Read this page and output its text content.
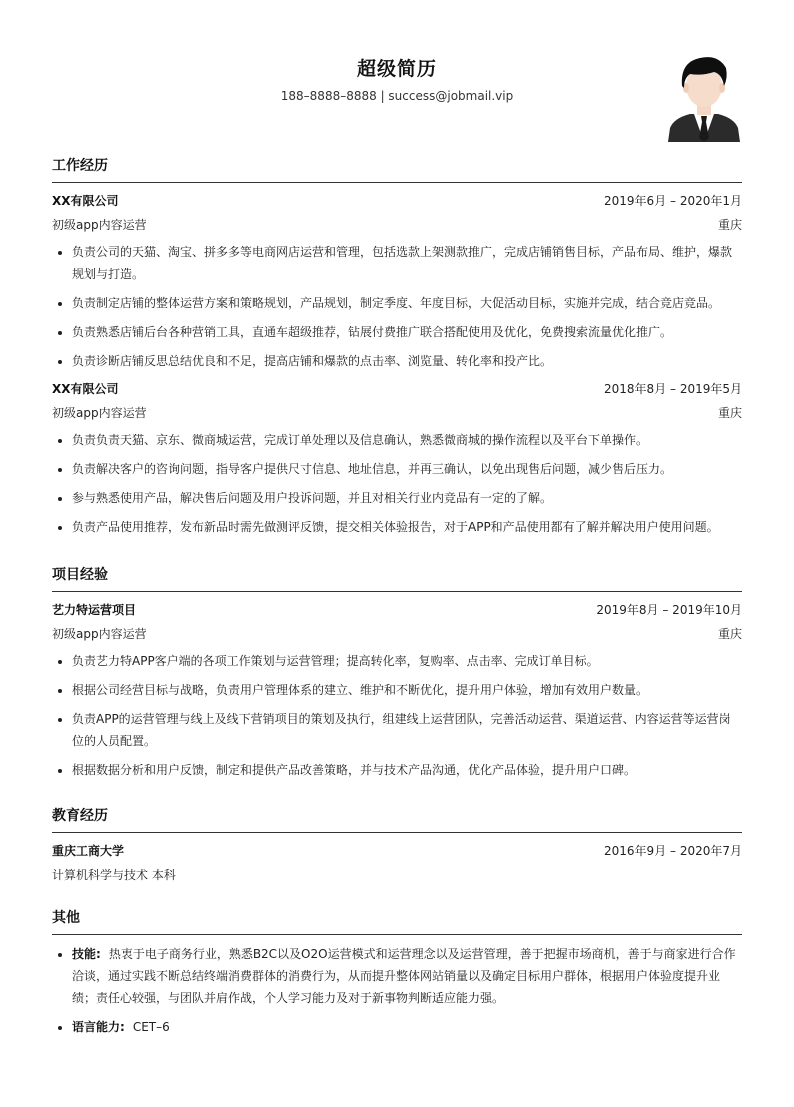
超级简历
188–8888–8888 | success@jobmail.vip
工作经历
XX有限公司	2019年6月 – 2020年1月
初级app内容运营	重庆
• 负责公司的天猫、淘宝、拼多多等电商网店运营和管理，包括选款上架测款推广，完成店铺销售目标，产品布局、维护，爆款规划与打造。
• 负责制定店铺的整体运营方案和策略规划，产品规划，制定季度、年度目标，大促活动目标，实施并完成，结合竞店竞品。
• 负责熟悉店铺后台各种营销工具，直通车超级推荐，钻展付费推广联合搭配使用及优化，免费搜索流量优化推广。
• 负责诊断店铺反思总结优良和不足，提高店铺和爆款的点击率、浏览量、转化率和投产比。
XX有限公司	2018年8月 – 2019年5月
初级app内容运营	重庆
• 负责负责天猫、京东、微商城运营，完成订单处理以及信息确认，熟悉微商城的操作流程以及平台下单操作。
• 负责解决客户的咨询问题，指导客户提供尺寸信息、地址信息，并再三确认，以免出现售后问题，减少售后压力。
• 参与熟悉使用产品，解决售后问题及用户投诉问题，并且对相关行业内竞品有一定的了解。
• 负责产品使用推荐，发布新品时需先做测评反馈，提交相关体验报告，对于APP和产品使用都有了解并解决用户使用问题。
项目经验
艺力特运营项目	2019年8月 – 2019年10月
初级app内容运营	重庆
• 负责艺力特APP客户端的各项工作策划与运营管理；提高转化率，复购率、点击率、完成订单目标。
• 根据公司经营目标与战略，负责用户管理体系的建立、维护和不断优化，提升用户体验，增加有效用户数量。
• 负责APP的运营管理与线上及线下营销项目的策划及执行，组建线上运营团队，完善活动运营、渠道运营、内容运营等运营岗位的人员配置。
• 根据数据分析和用户反馈，制定和提供产品改善策略，并与技术产品沟通，优化产品体验，提升用户口碑。
教育经历
重庆工商大学	2016年9月 – 2020年7月
计算机科学与技术 本科
其他
• 技能: 热衷于电子商务行业，熟悉B2C以及O2O运营模式和运营理念以及运营管理，善于把握市场商机，善于与商家进行合作洽谈，通过实践不断总结终端消费群体的消费行为，从而提升整体网站销量以及确定目标用户群体，根据用户体验度提升业绩；责任心较强，与团队并肩作战，个人学习能力及对于新事物判断适应能力强。
• 语言能力: CET–6
